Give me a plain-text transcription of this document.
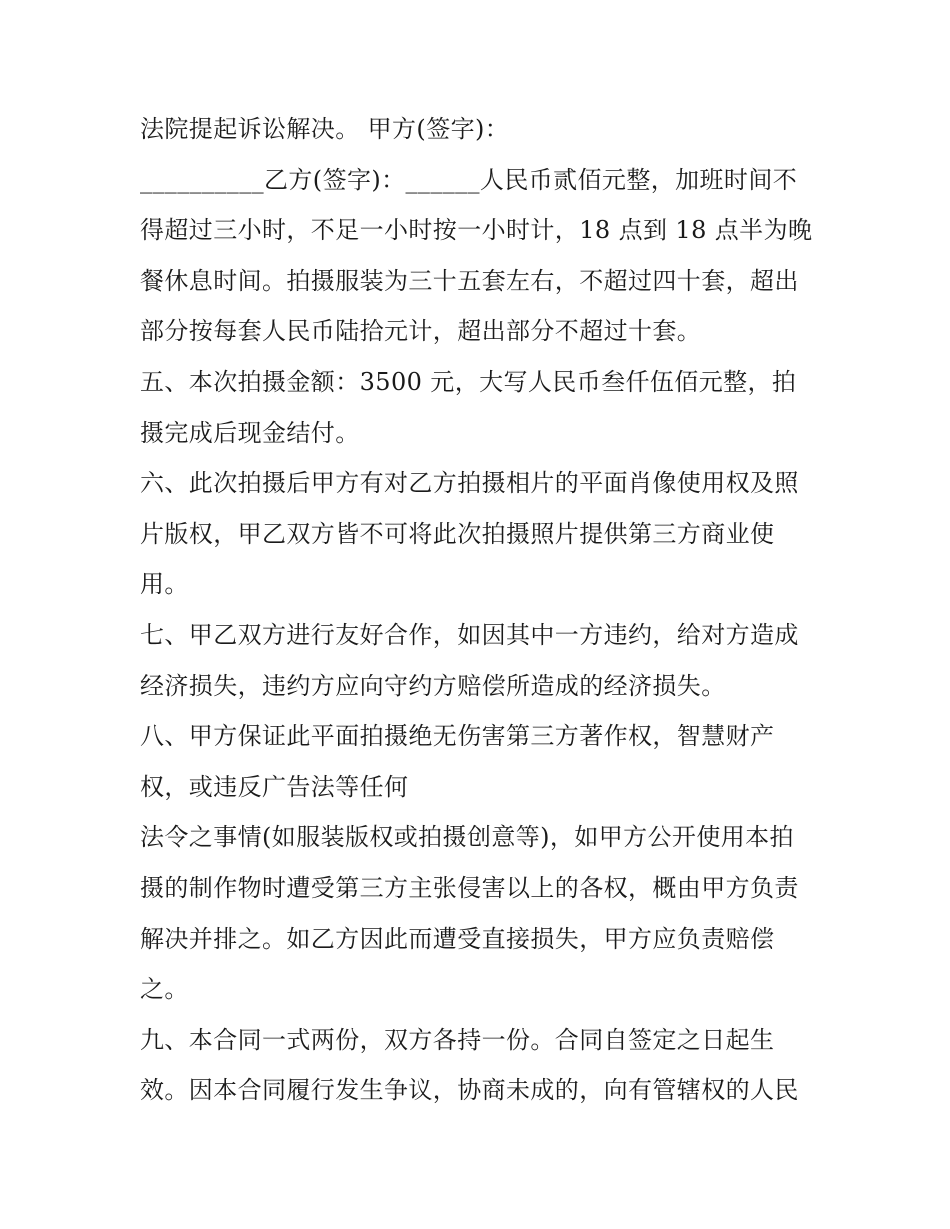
法院提起诉讼解决。 甲方(签字)：
__________乙方(签字)：______人民币贰佰元整，加班时间不
得超过三小时，不足一小时按一小时计，18 点到 18 点半为晚
餐休息时间。拍摄服装为三十五套左右，不超过四十套，超出
部分按每套人民币陆拾元计，超出部分不超过十套。
五、本次拍摄金额：3500 元，大写人民币叁仟伍佰元整，拍
摄完成后现金结付。
六、此次拍摄后甲方有对乙方拍摄相片的平面肖像使用权及照
片版权，甲乙双方皆不可将此次拍摄照片提供第三方商业使
用。
七、甲乙双方进行友好合作，如因其中一方违约，给对方造成
经济损失，违约方应向守约方赔偿所造成的经济损失。
八、甲方保证此平面拍摄绝无伤害第三方著作权，智慧财产
权，或违反广告法等任何
法令之事情(如服装版权或拍摄创意等)，如甲方公开使用本拍
摄的制作物时遭受第三方主张侵害以上的各权，概由甲方负责
解决并排之。如乙方因此而遭受直接损失，甲方应负责赔偿
之。
九、本合同一式两份，双方各持一份。合同自签定之日起生
效。因本合同履行发生争议，协商未成的，向有管辖权的人民
